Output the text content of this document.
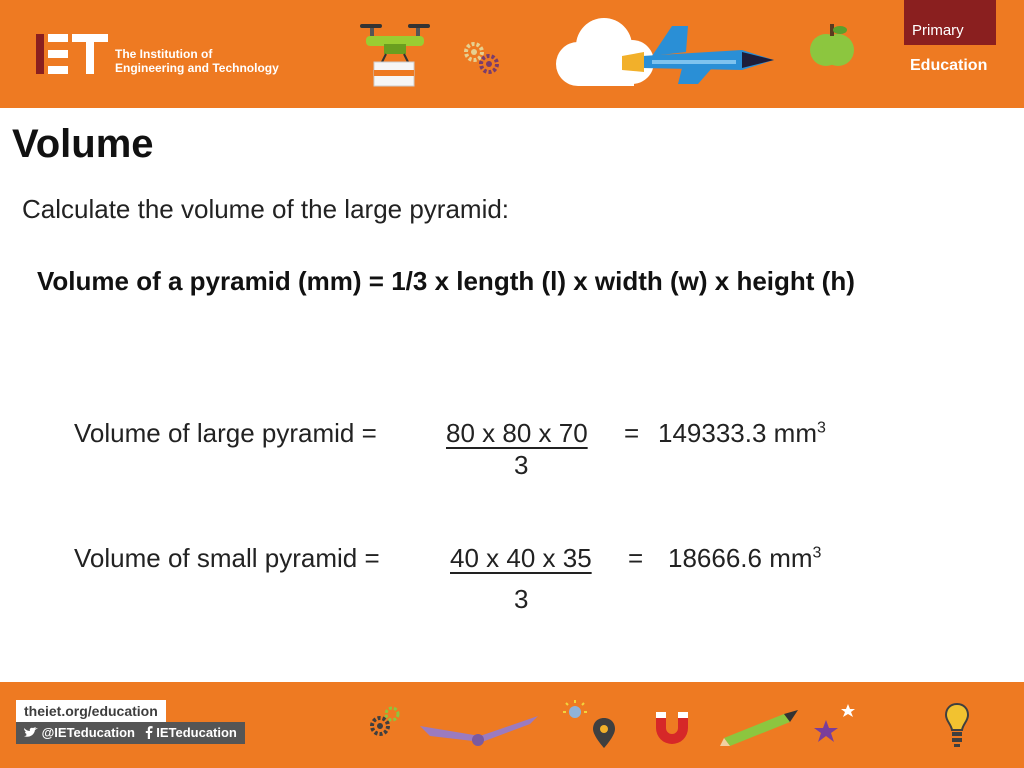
The Institution of
Engineering and Technology
Primary
Education
Volume
Calculate the volume of the large pyramid:
Volume of a pyramid (mm) = 1/3 x length (l) x width (w) x height (h)
Volume of large pyramid =	80 x 80 x 70
3
= 149333.3 $mm^3$
Volume of small pyramid =	40 x 40 x 35
3
= 18666.6 $mm^3$
theiet.org/education
@IETeducation IETeducation
